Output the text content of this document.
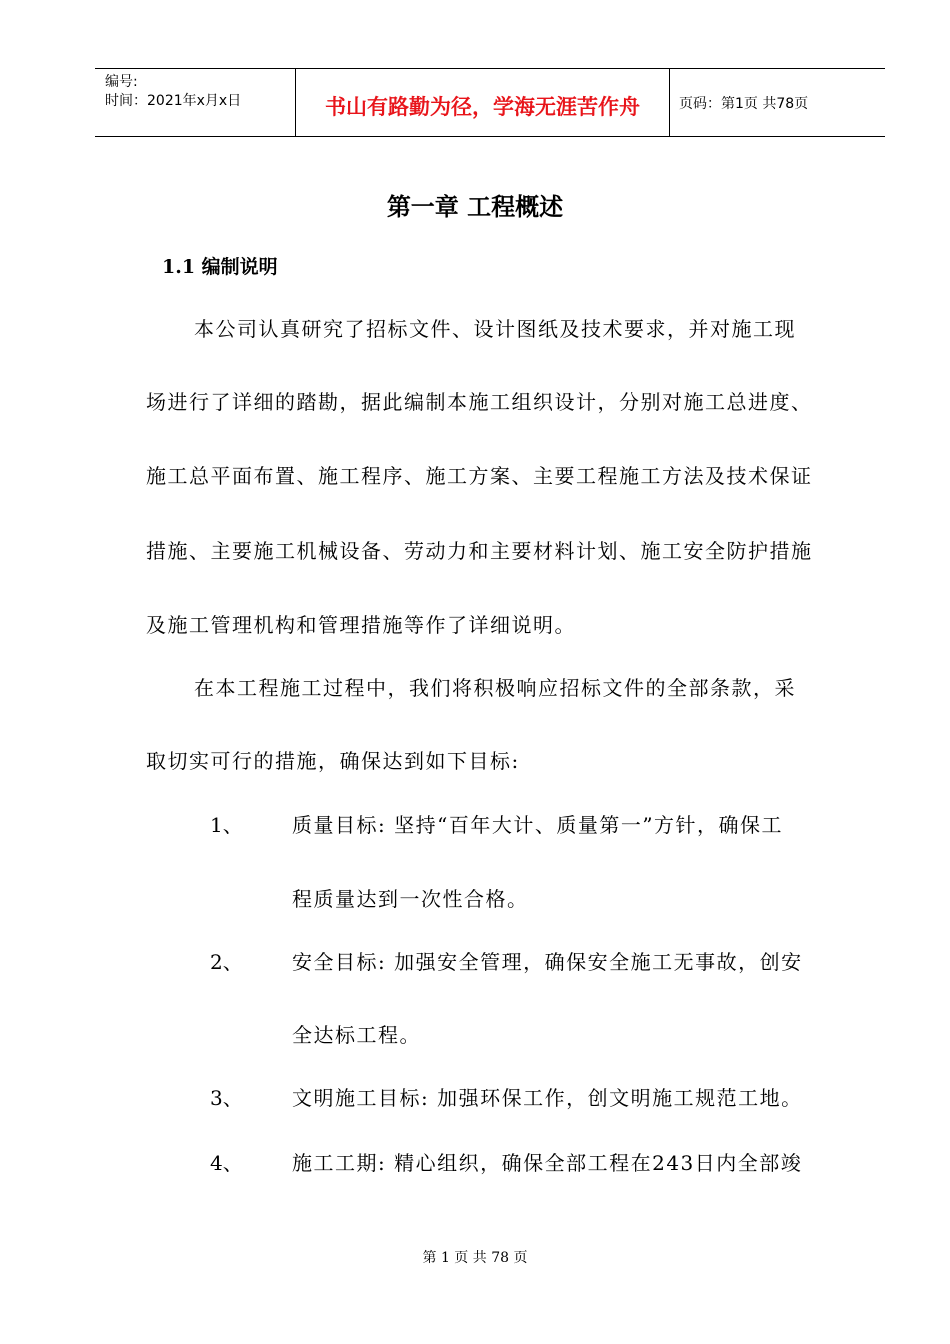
编号:
时间：2021年x月x日	书山有路勤为径，学海无涯苦作舟	页码：第1页 共78页
第一章 工程概述
1.1 编制说明
本公司认真研究了招标文件、设计图纸及技术要求，并对施工现
场进行了详细的踏勘，据此编制本施工组织设计，分别对施工总进度、
施工总平面布置、施工程序、施工方案、主要工程施工方法及技术保证
措施、主要施工机械设备、劳动力和主要材料计划、施工安全防护措施
及施工管理机构和管理措施等作了详细说明。
在本工程施工过程中，我们将积极响应招标文件的全部条款，采
取切实可行的措施，确保达到如下目标:
1、 质量目标: 坚持“百年大计、质量第一”方针，确保工
程质量达到一次性合格。
2、 安全目标: 加强安全管理，确保安全施工无事故，创安
全达标工程。
3、 文明施工目标: 加强环保工作，创文明施工规范工地。
4、 施工工期: 精心组织，确保全部工程在243日内全部竣
第 1 页 共 78 页
